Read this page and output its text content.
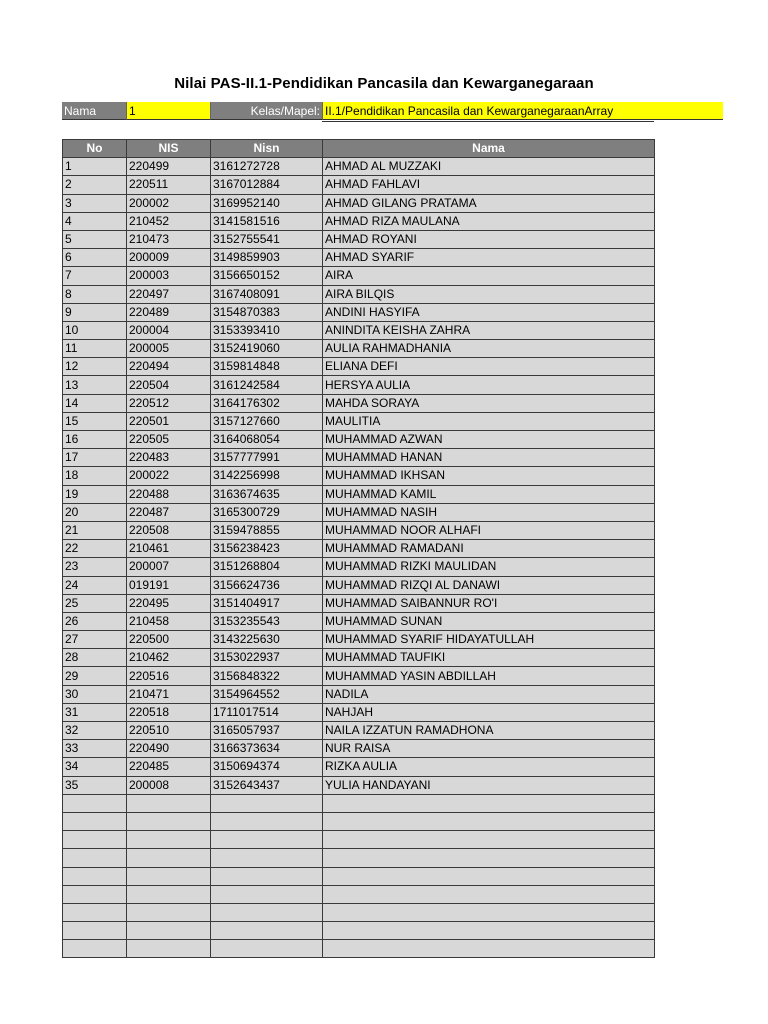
Nilai PAS-II.1-Pendidikan Pancasila dan Kewarganegaraan
Nama	1	Kelas/Mapel: II.1/Pendidikan Pancasila dan KewarganegaraanArray
No	NIS	Nisn	Nama
1	220499	3161272728	AHMAD AL MUZZAKI
2	220511	3167012884	AHMAD FAHLAVI
3	200002	3169952140	AHMAD GILANG PRATAMA
4	210452	3141581516	AHMAD RIZA MAULANA
5	210473	3152755541	AHMAD ROYANI
6	200009	3149859903	AHMAD SYARIF
7	200003	3156650152	AIRA
8	220497	3167408091	AIRA BILQIS
9	220489	3154870383	ANDINI HASYIFA
10	200004	3153393410	ANINDITA KEISHA ZAHRA
11	200005	3152419060	AULIA RAHMADHANIA
12	220494	3159814848	ELIANA DEFI
13	220504	3161242584	HERSYA AULIA
14	220512	3164176302	MAHDA SORAYA
15	220501	3157127660	MAULITIA
16	220505	3164068054	MUHAMMAD AZWAN
17	220483	3157777991	MUHAMMAD HANAN
18	200022	3142256998	MUHAMMAD IKHSAN
19	220488	3163674635	MUHAMMAD KAMIL
20	220487	3165300729	MUHAMMAD NASIH
21	220508	3159478855	MUHAMMAD NOOR ALHAFI
22	210461	3156238423	MUHAMMAD RAMADANI
23	200007	3151268804	MUHAMMAD RIZKI MAULIDAN
24	019191	3156624736	MUHAMMAD RIZQI AL DANAWI
25	220495	3151404917	MUHAMMAD SAIBANNUR RO'I
26	210458	3153235543	MUHAMMAD SUNAN
27	220500	3143225630	MUHAMMAD SYARIF HIDAYATULLAH
28	210462	3153022937	MUHAMMAD TAUFIKI
29	220516	3156848322	MUHAMMAD YASIN ABDILLAH
30	210471	3154964552	NADILA
31	220518	1711017514	NAHJAH
32	220510	3165057937	NAILA IZZATUN RAMADHONA
33	220490	3166373634	NUR RAISA
34	220485	3150694374	RIZKA AULIA
35	200008	3152643437	YULIA HANDAYANI
